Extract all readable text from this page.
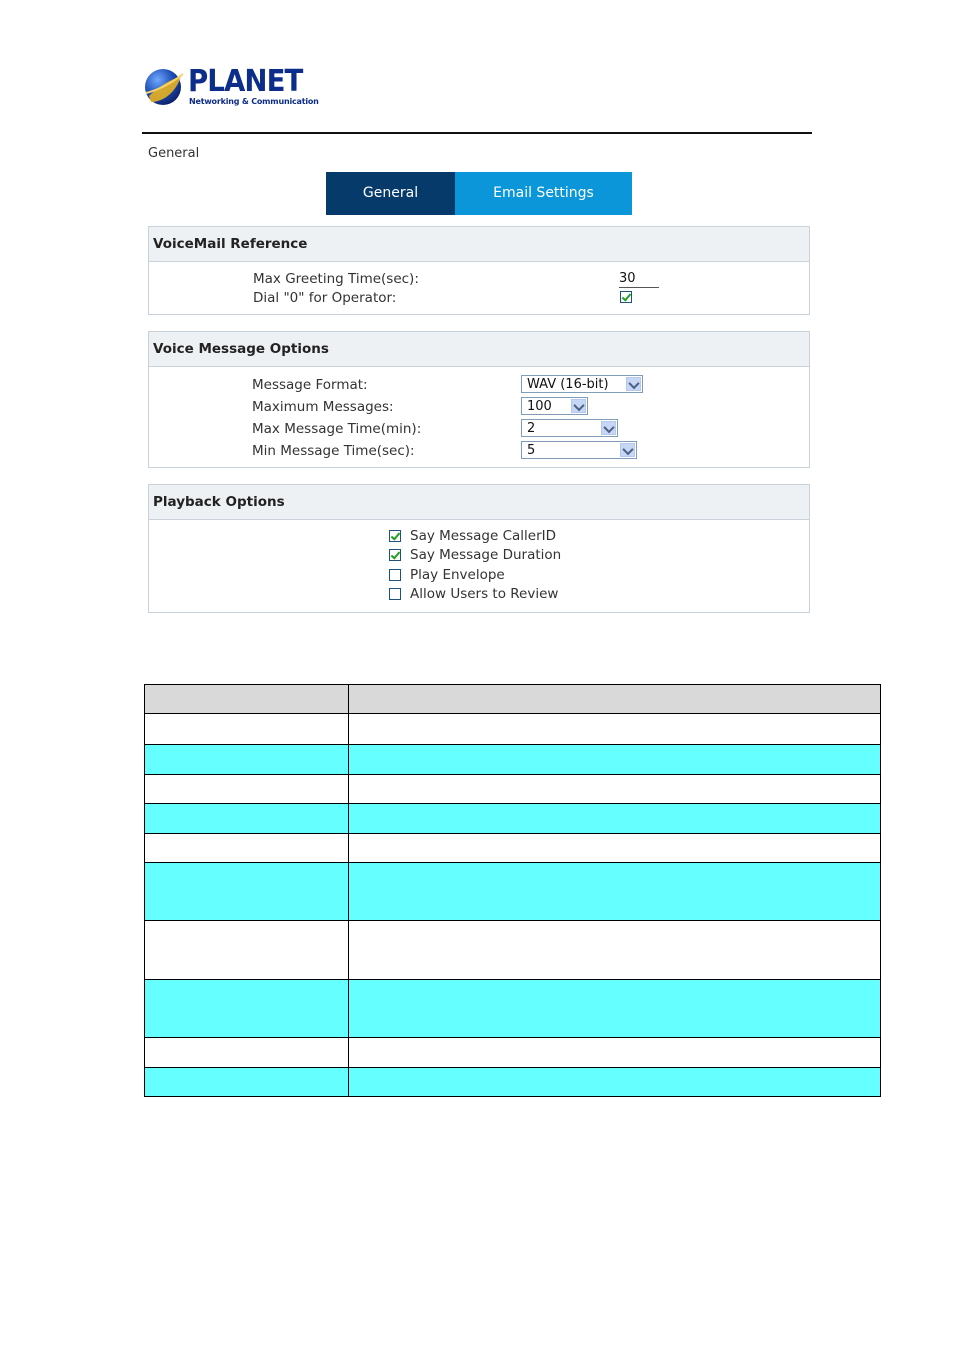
PLANET
Networking & Communication
General
General	Email Settings
VoiceMail Reference
Max Greeting Time(sec):	30
Dial "0" for Operator:
Voice Message Options
Message Format:	WAV (16-bit)
Maximum Messages:	100
Max Message Time(min):	2
Min Message Time(sec):	5
Playback Options
Say Message CallerID
Say Message Duration
Play Envelope
Allow Users to Review
